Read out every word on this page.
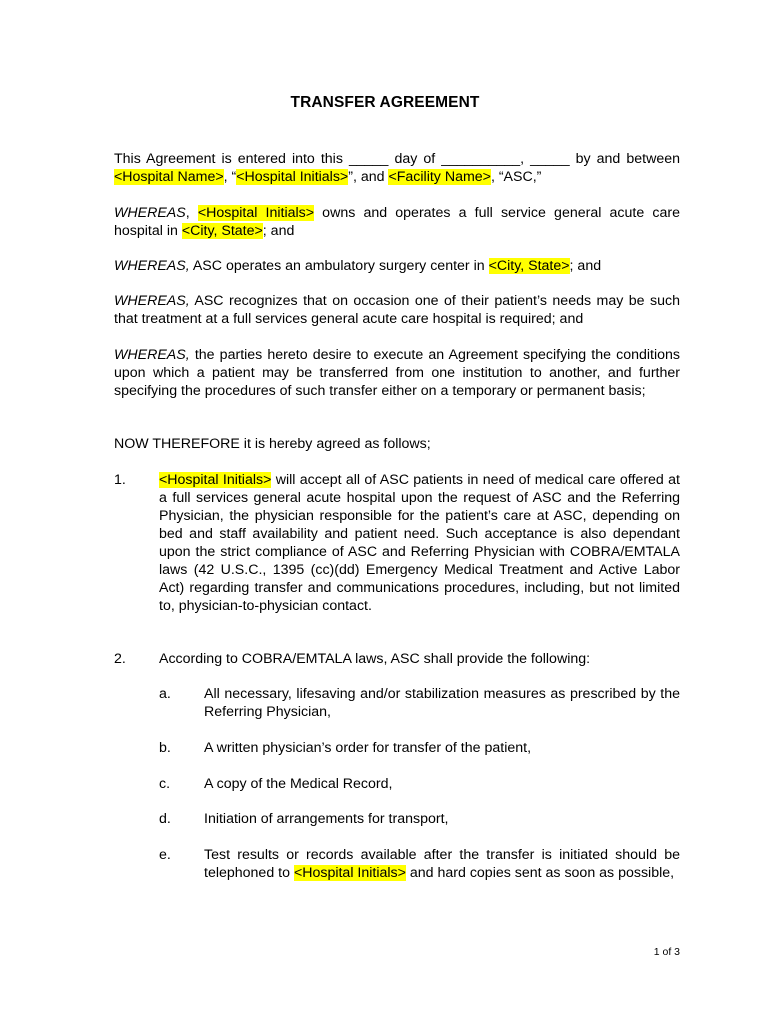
TRANSFER AGREEMENT
This Agreement is entered into this _____ day of __________, _____ by and between <Hospital Name>, “<Hospital Initials>”, and <Facility Name>, “ASC,”
WHEREAS, <Hospital Initials> owns and operates a full service general acute care hospital in <City, State>; and
WHEREAS, ASC operates an ambulatory surgery center in <City, State>; and
WHEREAS, ASC recognizes that on occasion one of their patient’s needs may be such that treatment at a full services general acute care hospital is required; and
WHEREAS, the parties hereto desire to execute an Agreement specifying the conditions upon which a patient may be transferred from one institution to another, and further specifying the procedures of such transfer either on a temporary or permanent basis;
NOW THEREFORE it is hereby agreed as follows;
1. <Hospital Initials> will accept all of ASC patients in need of medical care offered at a full services general acute hospital upon the request of ASC and the Referring Physician, the physician responsible for the patient’s care at ASC, depending on bed and staff availability and patient need. Such acceptance is also dependant upon the strict compliance of ASC and Referring Physician with COBRA/EMTALA laws (42 U.S.C., 1395 (cc)(dd) Emergency Medical Treatment and Active Labor Act) regarding transfer and communications procedures, including, but not limited to, physician-to-physician contact.
2. According to COBRA/EMTALA laws, ASC shall provide the following:
a. All necessary, lifesaving and/or stabilization measures as prescribed by the Referring Physician,
b. A written physician’s order for transfer of the patient,
c. A copy of the Medical Record,
d. Initiation of arrangements for transport,
e. Test results or records available after the transfer is initiated should be telephoned to <Hospital Initials> and hard copies sent as soon as possible,
1 of 3
